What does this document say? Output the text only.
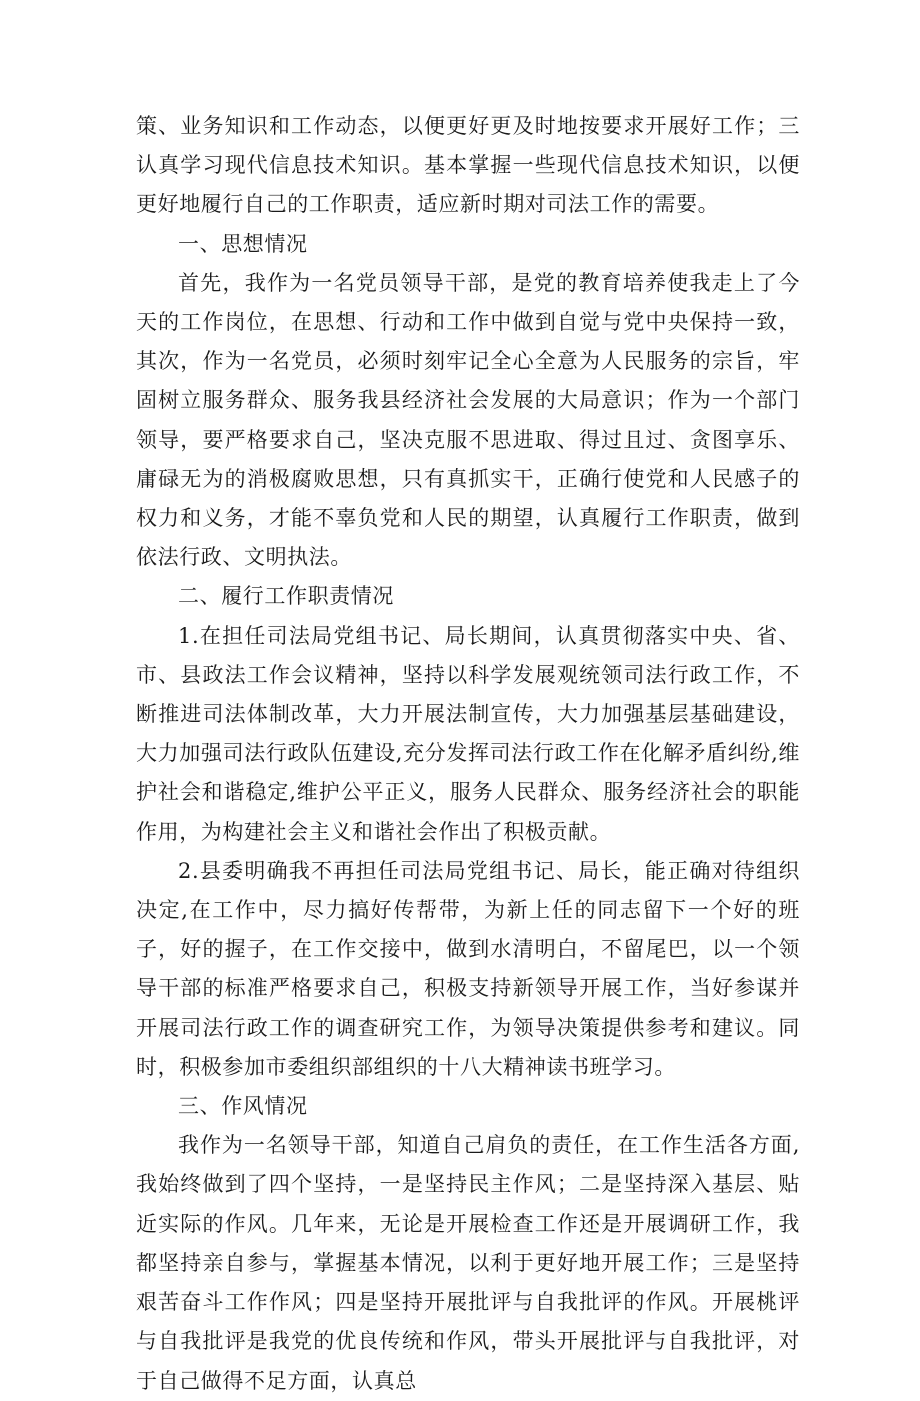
策、业务知识和工作动态，以便更好更及时地按要求开展好工作；三认真学习现代信息技术知识。基本掌握一些现代信息技术知识，以便更好地履行自己的工作职责，适应新时期对司法工作的需要。

一、思想情况

首先，我作为一名党员领导干部，是党的教育培养使我走上了今天的工作岗位，在思想、行动和工作中做到自觉与党中央保持一致，其次，作为一名党员，必须时刻牢记全心全意为人民服务的宗旨，牢固树立服务群众、服务我县经济社会发展的大局意识；作为一个部门领导，要严格要求自己，坚决克服不思进取、得过且过、贪图享乐、庸碌无为的消极腐败思想，只有真抓实干，正确行使党和人民感子的权力和义务，才能不辜负党和人民的期望，认真履行工作职责，做到依法行政、文明执法。

二、履行工作职责情况

1.在担任司法局党组书记、局长期间，认真贯彻落实中央、省、市、县政法工作会议精神，坚持以科学发展观统领司法行政工作，不断推进司法体制改革，大力开展法制宣传，大力加强基层基础建设，大力加强司法行政队伍建设,充分发挥司法行政工作在化解矛盾纠纷,维护社会和谐稳定,维护公平正义，服务人民群众、服务经济社会的职能作用，为构建社会主义和谐社会作出了积极贡献。

2.县委明确我不再担任司法局党组书记、局长，能正确对待组织决定,在工作中，尽力搞好传帮带，为新上任的同志留下一个好的班子，好的握子，在工作交接中，做到水清明白，不留尾巴，以一个领导干部的标准严格要求自己，积极支持新领导开展工作，当好参谋并开展司法行政工作的调查研究工作，为领导决策提供参考和建议。同时，积极参加市委组织部组织的十八大精神读书班学习。

三、作风情况

我作为一名领导干部，知道自己肩负的责任，在工作生活各方面,我始终做到了四个坚持，一是坚持民主作风；二是坚持深入基层、贴近实际的作风。几年来，无论是开展检查工作还是开展调研工作，我都坚持亲自参与，掌握基本情况，以利于更好地开展工作；三是坚持艰苦奋斗工作作风；四是坚持开展批评与自我批评的作风。开展桃评与自我批评是我党的优良传统和作风，带头开展批评与自我批评，对于自己做得不足方面，认真总
